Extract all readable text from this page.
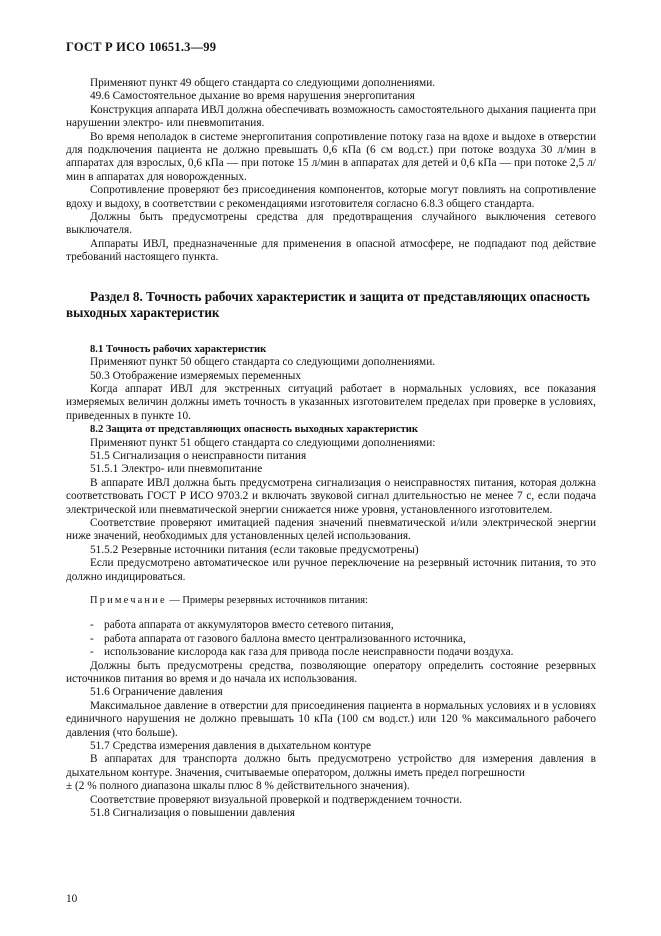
ГОСТ Р ИСО 10651.3—99

Применяют пункт 49 общего стандарта со следующими дополнениями.

49.6 Самостоятельное дыхание во время нарушения энергопитания

Конструкция аппарата ИВЛ должна обеспечивать возможность самостоятельного дыхания пациента при нарушении электро- или пневмопитания.

Во время неполадок в системе энергопитания сопротивление потоку газа на вдохе и выдохе в отверстии для подключения пациента не должно превышать 0,6 кПа (6 см вод.ст.) при потоке воздуха 30 л/мин в аппаратах для взрослых, 0,6 кПа — при потоке 15 л/мин в аппаратах для детей и 0,6 кПа — при потоке 2,5 л/мин в аппаратах для новорожденных.

Сопротивление проверяют без присоединения компонентов, которые могут повлиять на сопротивление вдоху и выдоху, в соответствии с рекомендациями изготовителя согласно 6.8.3 общего стандарта.

Должны быть предусмотрены средства для предотвращения случайного выключения сетевого выключателя.

Аппараты ИВЛ, предназначенные для применения в опасной атмосфере, не подпадают под действие требований настоящего пункта.

Раздел 8. Точность рабочих характеристик и защита от представляющих опасность выходных характеристик

8.1 Точность рабочих характеристик

Применяют пункт 50 общего стандарта со следующими дополнениями.

50.3 Отображение измеряемых переменных

Когда аппарат ИВЛ для экстренных ситуаций работает в нормальных условиях, все показания измеряемых величин должны иметь точность в указанных изготовителем пределах при проверке в условиях, приведенных в пункте 10.

8.2 Защита от представляющих опасность выходных характеристик

Применяют пункт 51 общего стандарта со следующими дополнениями:

51.5 Сигнализация о неисправности питания

51.5.1 Электро- или пневмопитание

В аппарате ИВЛ должна быть предусмотрена сигнализация о неисправностях питания, которая должна соответствовать ГОСТ Р ИСО 9703.2 и включать звуковой сигнал длительностью не менее 7 с, если подача электрической или пневматической энергии снижается ниже уровня, установленного изготовителем.

Соответствие проверяют имитацией падения значений пневматической и/или электрической энергии ниже значений, необходимых для установленных целей использования.

51.5.2 Резервные источники питания (если таковые предусмотрены)

Если предусмотрено автоматическое или ручное переключение на резервный источник питания, то это должно индицироваться.

Примечание — Примеры резервных источников питания:

- работа аппарата от аккумуляторов вместо сетевого питания,
- работа аппарата от газового баллона вместо централизованного источника,
- использование кислорода как газа для привода после неисправности подачи воздуха.

Должны быть предусмотрены средства, позволяющие оператору определить состояние резервных источников питания во время и до начала их использования.

51.6 Ограничение давления

Максимальное давление в отверстии для присоединения пациента в нормальных условиях и в условиях единичного нарушения не должно превышать 10 кПа (100 см вод.ст.) или 120 % максимального рабочего давления (что больше).

51.7 Средства измерения давления в дыхательном контуре

В аппаратах для транспорта должно быть предусмотрено устройство для измерения давления в дыхательном контуре. Значения, считываемые оператором, должны иметь предел погрешности

± (2 % полного диапазона шкалы плюс 8 % действительного значения).

Соответствие проверяют визуальной проверкой и подтверждением точности.

51.8 Сигнализация о повышении давления

10
